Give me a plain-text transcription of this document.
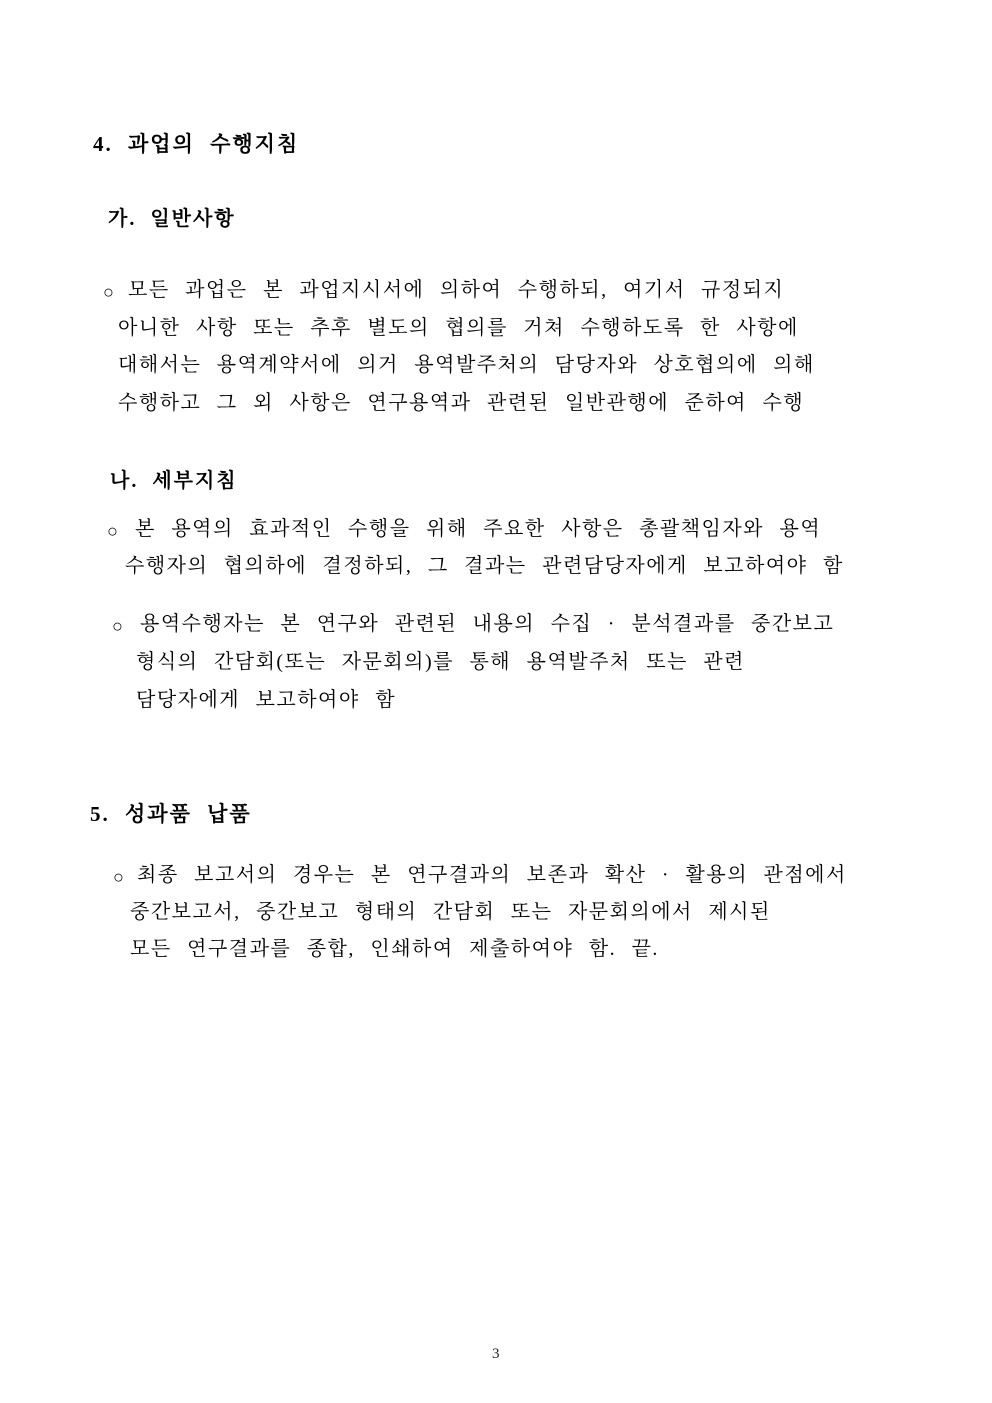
4. 과업의 수행지침
가. 일반사항
○ 모든 과업은 본 과업지시서에 의하여 수행하되, 여기서 규정되지
아니한 사항 또는 추후 별도의 협의를 거쳐 수행하도록 한 사항에
대해서는 용역계약서에 의거 용역발주처의 담당자와 상호협의에 의해
수행하고 그 외 사항은 연구용역과 관련된 일반관행에 준하여 수행
나. 세부지침
○ 본 용역의 효과적인 수행을 위해 주요한 사항은 총괄책임자와 용역
수행자의 협의하에 결정하되, 그 결과는 관련담당자에게 보고하여야 함
○ 용역수행자는 본 연구와 관련된 내용의 수집 · 분석결과를 중간보고
형식의 간담회(또는 자문회의)를 통해 용역발주처 또는 관련
담당자에게 보고하여야 함
5. 성과품 납품
○ 최종 보고서의 경우는 본 연구결과의 보존과 확산 · 활용의 관점에서
중간보고서, 중간보고 형태의 간담회 또는 자문회의에서 제시된
모든 연구결과를 종합, 인쇄하여 제출하여야 함. 끝.
3
